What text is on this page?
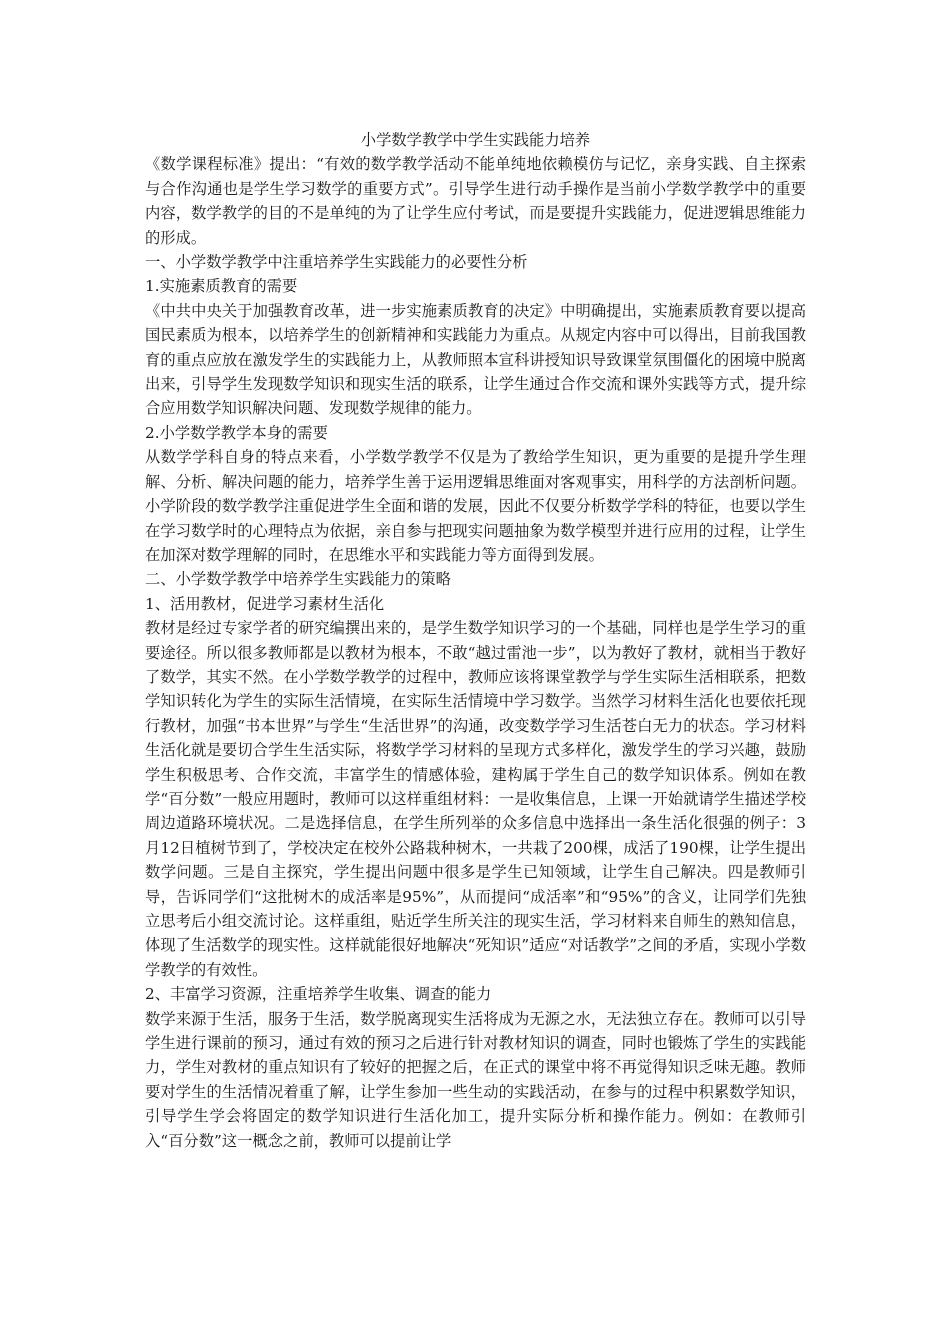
小学数学教学中学生实践能力培养

《数学课程标准》提出：“有效的数学教学活动不能单纯地依赖模仿与记忆，亲身实践、自主探索与合作沟通也是学生学习数学的重要方式”。引导学生进行动手操作是当前小学数学教学中的重要内容，数学教学的目的不是单纯的为了让学生应付考试，而是要提升实践能力，促进逻辑思维能力的形成。

一、小学数学教学中注重培养学生实践能力的必要性分析

1.实施素质教育的需要

《中共中央关于加强教育改革，进一步实施素质教育的决定》中明确提出，实施素质教育要以提高国民素质为根本，以培养学生的创新精神和实践能力为重点。从规定内容中可以得出，目前我国教育的重点应放在激发学生的实践能力上，从教师照本宣科讲授知识导致课堂氛围僵化的困境中脱离出来，引导学生发现数学知识和现实生活的联系，让学生通过合作交流和课外实践等方式，提升综合应用数学知识解决问题、发现数学规律的能力。

2.小学数学教学本身的需要

从数学学科自身的特点来看，小学数学教学不仅是为了教给学生知识，更为重要的是提升学生理解、分析、解决问题的能力，培养学生善于运用逻辑思维面对客观事实，用科学的方法剖析问题。小学阶段的数学教学注重促进学生全面和谐的发展，因此不仅要分析数学学科的特征，也要以学生在学习数学时的心理特点为依据，亲自参与把现实问题抽象为数学模型并进行应用的过程，让学生在加深对数学理解的同时，在思维水平和实践能力等方面得到发展。

二、小学数学教学中培养学生实践能力的策略

1、活用教材，促进学习素材生活化

教材是经过专家学者的研究编撰出来的，是学生数学知识学习的一个基础，同样也是学生学习的重要途径。所以很多教师都是以教材为根本，不敢“越过雷池一步”，以为教好了教材，就相当于教好了数学，其实不然。在小学数学教学的过程中，教师应该将课堂教学与学生实际生活相联系，把数学知识转化为学生的实际生活情境，在实际生活情境中学习数学。当然学习材料生活化也要依托现行教材，加强“书本世界”与学生“生活世界”的沟通，改变数学学习生活苍白无力的状态。学习材料生活化就是要切合学生生活实际，将数学学习材料的呈现方式多样化，激发学生的学习兴趣，鼓励学生积极思考、合作交流，丰富学生的情感体验，建构属于学生自己的数学知识体系。例如在教学“百分数”一般应用题时，教师可以这样重组材料：一是收集信息，上课一开始就请学生描述学校周边道路环境状况。二是选择信息，在学生所列举的众多信息中选择出一条生活化很强的例子：3月12日植树节到了，学校决定在校外公路栽种树木，一共栽了200棵，成活了190棵，让学生提出数学问题。三是自主探究，学生提出问题中很多是学生已知领域，让学生自己解决。四是教师引导，告诉同学们“这批树木的成活率是95%”，从而提问“成活率”和“95%”的含义，让同学们先独立思考后小组交流讨论。这样重组，贴近学生所关注的现实生活，学习材料来自师生的熟知信息，体现了生活数学的现实性。这样就能很好地解决“死知识”适应“对话教学”之间的矛盾，实现小学数学教学的有效性。

2、丰富学习资源，注重培养学生收集、调查的能力

数学来源于生活，服务于生活，数学脱离现实生活将成为无源之水，无法独立存在。教师可以引导学生进行课前的预习，通过有效的预习之后进行针对教材知识的调查，同时也锻炼了学生的实践能力，学生对教材的重点知识有了较好的把握之后，在正式的课堂中将不再觉得知识乏味无趣。教师要对学生的生活情况着重了解，让学生参加一些生动的实践活动，在参与的过程中积累数学知识，引导学生学会将固定的数学知识进行生活化加工，提升实际分析和操作能力。例如：在教师引入“百分数”这一概念之前，教师可以提前让学
